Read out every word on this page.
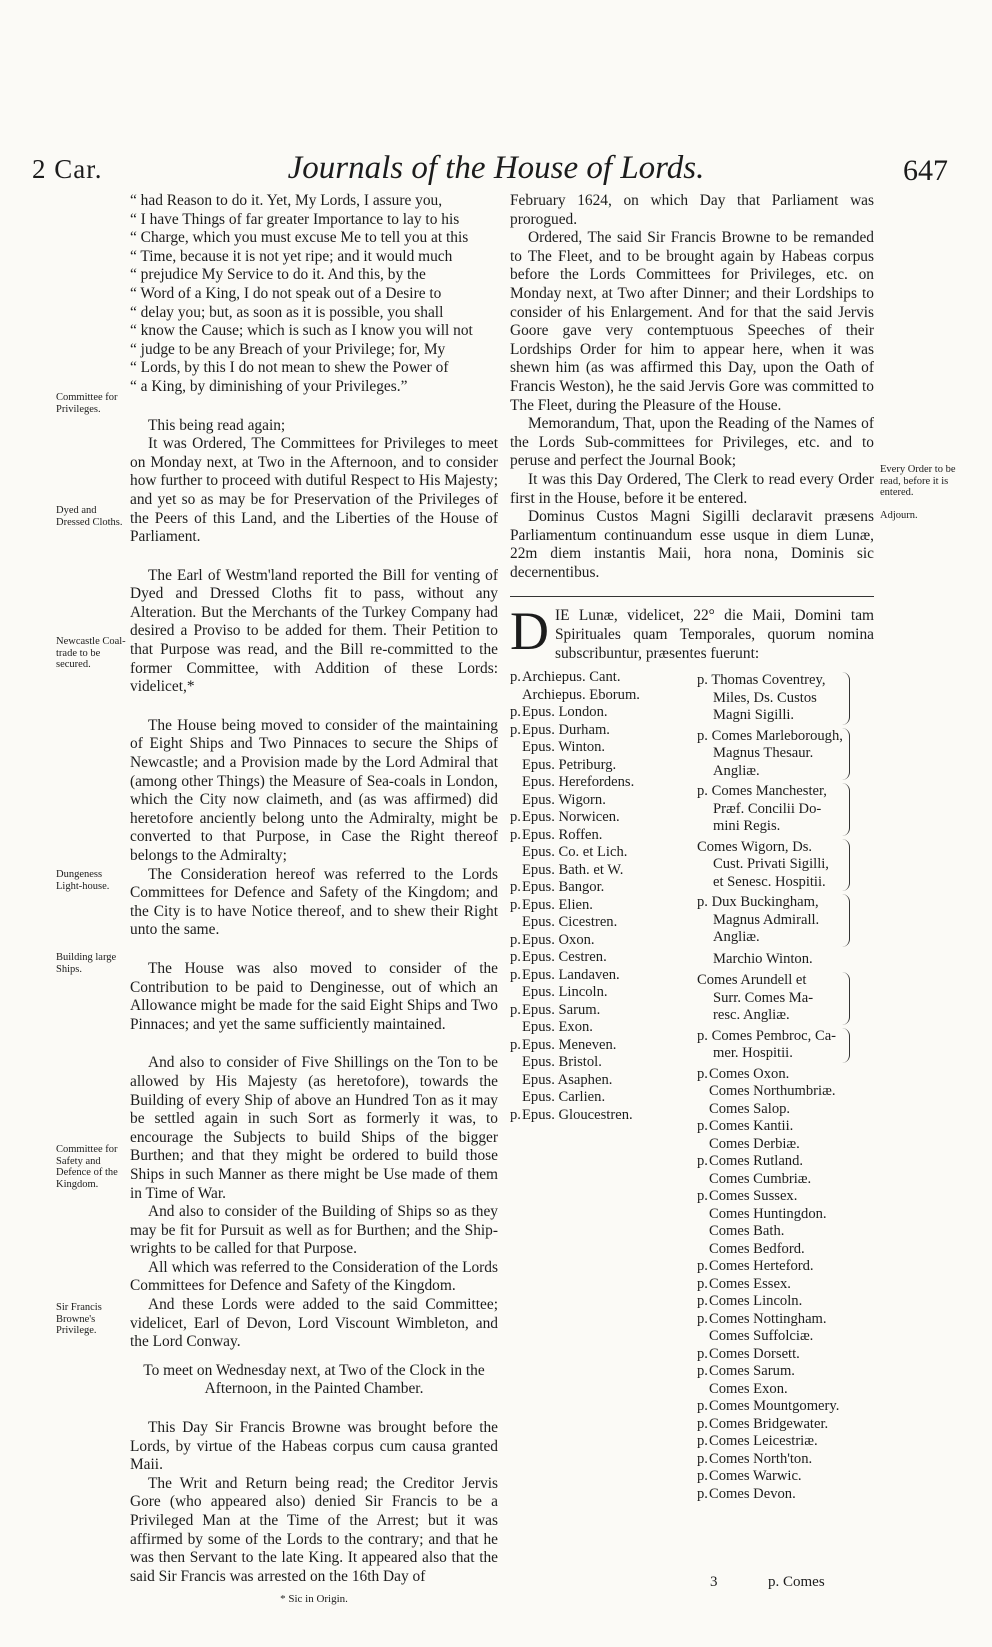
2 Car.	Journals of the House of Lords.	647
Committee for Privileges.
Dyed and Dressed Cloths.
Newcastle Coal-trade to be secured.
Dungeness Light-house.
Building large Ships.
Committee for Safety and Defence of the Kingdom.
Sir Francis Browne's Privilege.
Every Order to be read, before it is entered.
Adjourn.
“ had Reason to do it. Yet, My Lords, I assure you,
“ I have Things of far greater Importance to lay to his
“ Charge, which you must excuse Me to tell you at this
“ Time, because it is not yet ripe; and it would much
“ prejudice My Service to do it. And this, by the
“ Word of a King, I do not speak out of a Desire to
“ delay you; but, as soon as it is possible, you shall
“ know the Cause; which is such as I know you will not
“ judge to be any Breach of your Privilege; for, My
“ Lords, by this I do not mean to shew the Power of
“ a King, by diminishing of your Privileges.”

This being read again;

It was Ordered, The Committees for Privileges to meet on Monday next, at Two in the Afternoon, and to consider how further to proceed with dutiful Respect to His Majesty; and yet so as may be for Preservation of the Privileges of the Peers of this Land, and the Liberties of the House of Parliament.

The Earl of Westm'land reported the Bill for venting of Dyed and Dressed Cloths fit to pass, without any Alteration. But the Merchants of the Turkey Company had desired a Proviso to be added for them. Their Petition to that Purpose was read, and the Bill re-committed to the former Committee, with Addition of these Lords: videlicet,*

The House being moved to consider of the maintaining of Eight Ships and Two Pinnaces to secure the Ships of Newcastle; and a Provision made by the Lord Admiral that (among other Things) the Measure of Sea-coals in London, which the City now claimeth, and (as was affirmed) did heretofore anciently belong unto the Admiralty, might be converted to that Purpose, in Case the Right thereof belongs to the Admiralty;

The Consideration hereof was referred to the Lords Committees for Defence and Safety of the Kingdom; and the City is to have Notice thereof, and to shew their Right unto the same.

The House was also moved to consider of the Contribution to be paid to Denginesse, out of which an Allowance might be made for the said Eight Ships and Two Pinnaces; and yet the same sufficiently maintained.

And also to consider of Five Shillings on the Ton to be allowed by His Majesty (as heretofore), towards the Building of every Ship of above an Hundred Ton as it may be settled again in such Sort as formerly it was, to encourage the Subjects to build Ships of the bigger Burthen; and that they might be ordered to build those Ships in such Manner as there might be Use made of them in Time of War.

And also to consider of the Building of Ships so as they may be fit for Pursuit as well as for Burthen; and the Ship-wrights to be called for that Purpose.

All which was referred to the Consideration of the Lords Committees for Defence and Safety of the Kingdom.

And these Lords were added to the said Committee; videlicet, Earl of Devon, Lord Viscount Wimbleton, and the Lord Conway.

To meet on Wednesday next, at Two of the Clock in the Afternoon, in the Painted Chamber.

This Day Sir Francis Browne was brought before the Lords, by virtue of the Habeas corpus cum causa granted Maii.

The Writ and Return being read; the Creditor Jervis Gore (who appeared also) denied Sir Francis to be a Privileged Man at the Time of the Arrest; but it was affirmed by some of the Lords to the contrary; and that he was then Servant to the late King. It appeared also that the said Sir Francis was arrested on the 16th Day of

* Sic in Origin.

February 1624, on which Day that Parliament was prorogued.

Ordered, The said Sir Francis Browne to be remanded to The Fleet, and to be brought again by Habeas corpus before the Lords Committees for Privileges, etc. on Monday next, at Two after Dinner; and their Lordships to consider of his Enlargement. And for that the said Jervis Goore gave very contemptuous Speeches of their Lordships Order for him to appear here, when it was shewn him (as was affirmed this Day, upon the Oath of Francis Weston), he the said Jervis Gore was committed to The Fleet, during the Pleasure of the House.

Memorandum, That, upon the Reading of the Names of the Lords Sub-committees for Privileges, etc. and to peruse and perfect the Journal Book;

It was this Day Ordered, The Clerk to read every Order first in the House, before it be entered.

Dominus Custos Magni Sigilli declaravit præsens Parliamentum continuandum esse usque in diem Lunæ, 22m diem instantis Maii, hora nona, Dominis sic decernentibus.

DIE Lunæ, videlicet, 22° die Maii, Domini tam Spirituales quam Temporales, quorum nomina subscribuntur, præsentes fuerunt:

p.Archiepus. Cant.
Archiepus. Eborum.
p.Epus. London.
p.Epus. Durham.
Epus. Winton.
Epus. Petriburg.
Epus. Herefordens.
Epus. Wigorn.
p.Epus. Norwicen.
p.Epus. Roffen.
Epus. Co. et Lich.
Epus. Bath. et W.
p.Epus. Bangor.
p.Epus. Elien.
Epus. Cicestren.
p.Epus. Oxon.
p.Epus. Cestren.
p.Epus. Landaven.
Epus. Lincoln.
p.Epus. Sarum.
Epus. Exon.
p.Epus. Meneven.
Epus. Bristol.
Epus. Asaphen.
Epus. Carlien.
p.Epus. Gloucestren.
p. Thomas Coventrey,
Miles, Ds. Custos
Magni Sigilli.
p. Comes Marleborough,
Magnus Thesaur.
Angliæ.
p. Comes Manchester,
Præf. Concilii Do-
mini Regis.
Comes Wigorn, Ds.
Cust. Privati Sigilli,
et Senesc. Hospitii.
p. Dux Buckingham,
Magnus Admirall.
Angliæ.
Marchio Winton.
Comes Arundell et
Surr. Comes Ma-
resc. Angliæ.
p. Comes Pembroc, Ca-
mer. Hospitii.
p.Comes Oxon.
Comes Northumbriæ.
Comes Salop.
p.Comes Kantii.
Comes Derbiæ.
p.Comes Rutland.
Comes Cumbriæ.
p.Comes Sussex.
Comes Huntingdon.
Comes Bath.
Comes Bedford.
p.Comes Herteford.
p.Comes Essex.
p.Comes Lincoln.
p.Comes Nottingham.
Comes Suffolciæ.
p.Comes Dorsett.
p.Comes Sarum.
Comes Exon.
p.Comes Mountgomery.
p.Comes Bridgewater.
p.Comes Leicestriæ.
p.Comes North'ton.
p.Comes Warwic.
p.Comes Devon.
3	p. Comes
